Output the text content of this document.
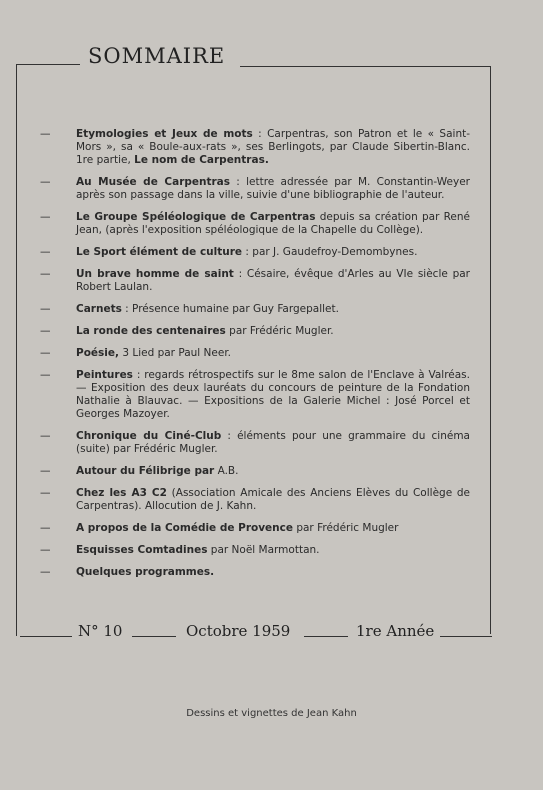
SOMMAIRE
— Etymologies et Jeux de mots : Carpentras, son Patron et le « Saint-Mors », sa « Boule-aux-rats », ses Berlingots, par Claude Sibertin-Blanc. 1re partie, Le nom de Carpentras.
— Au Musée de Carpentras : lettre adressée par M. Constantin-Weyer après son passage dans la ville, suivie d'une bibliographie de l'auteur.
— Le Groupe Spéléologique de Carpentras depuis sa création par René Jean, (après l'exposition spéléologique de la Chapelle du Collège).
— Le Sport élément de culture : par J. Gaudefroy-Demombynes.
— Un brave homme de saint : Césaire, évêque d'Arles au VIe siècle par Robert Laulan.
— Carnets : Présence humaine par Guy Fargepallet.
— La ronde des centenaires par Frédéric Mugler.
— Poésie, 3 Lied par Paul Neer.
— Peintures : regards rétrospectifs sur le 8me salon de l'Enclave à Valréas. — Exposition des deux lauréats du concours de peinture de la Fondation Nathalie à Blauvac. — Expositions de la Galerie Michel : José Porcel et Georges Mazoyer.
— Chronique du Ciné-Club : éléments pour une grammaire du cinéma (suite) par Frédéric Mugler.
— Autour du Félibrige par A.B.
— Chez les A3 C2 (Association Amicale des Anciens Elèves du Collège de Carpentras). Allocution de J. Kahn.
— A propos de la Comédie de Provence par Frédéric Mugler
— Esquisses Comtadines par Noël Marmottan.
— Quelques programmes.
N° 10	Octobre 1959	1re Année
Dessins et vignettes de Jean Kahn
